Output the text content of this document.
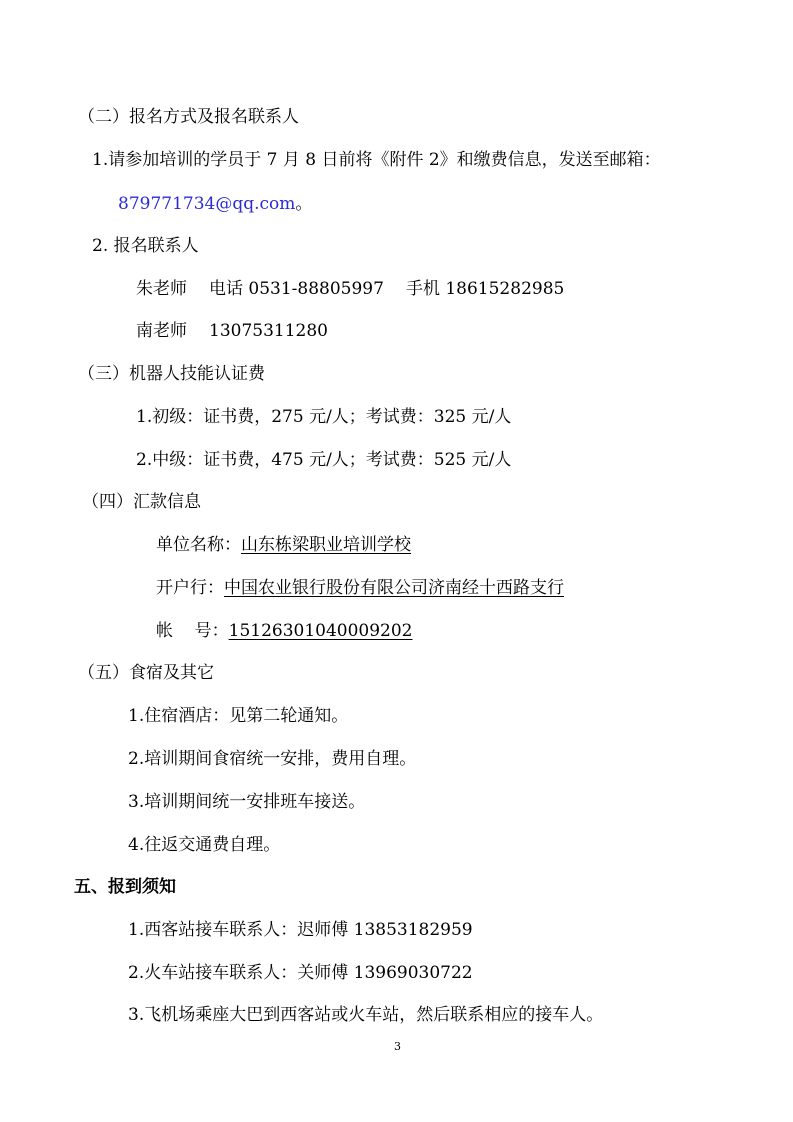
（二）报名方式及报名联系人
1.请参加培训的学员于 7 月 8 日前将《附件 2》和缴费信息，发送至邮箱：
879771734@qq.com。
2. 报名联系人
朱老师 电话 0531-88805997 手机 18615282985
南老师 13075311280
（三）机器人技能认证费
1.初级：证书费，275 元/人；考试费：325 元/人
2.中级：证书费，475 元/人；考试费：525 元/人
（四）汇款信息
单位名称：山东栋梁职业培训学校
开户行：中国农业银行股份有限公司济南经十西路支行
帐    号：15126301040009202
（五）食宿及其它
1.住宿酒店：见第二轮通知。
2.培训期间食宿统一安排，费用自理。
3.培训期间统一安排班车接送。
4.往返交通费自理。
五、报到须知
1.西客站接车联系人：迟师傅 13853182959
2.火车站接车联系人：关师傅 13969030722
3.飞机场乘座大巴到西客站或火车站，然后联系相应的接车人。
3
